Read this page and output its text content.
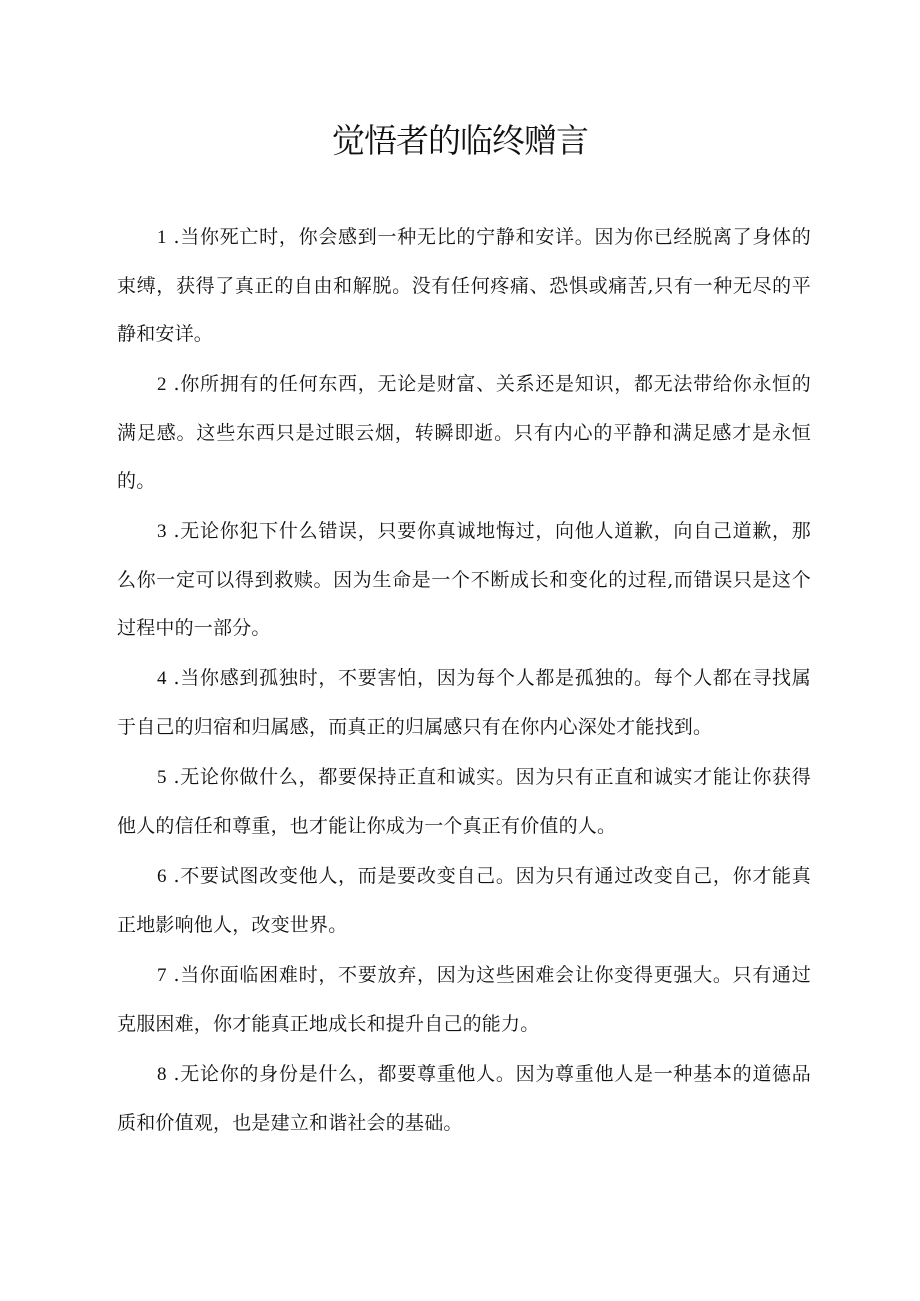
觉悟者的临终赠言

1 .当你死亡时，你会感到一种无比的宁静和安详。因为你已经脱离了身体的束缚，获得了真正的自由和解脱。没有任何疼痛、恐惧或痛苦,只有一种无尽的平静和安详。

2 .你所拥有的任何东西，无论是财富、关系还是知识，都无法带给你永恒的满足感。这些东西只是过眼云烟，转瞬即逝。只有内心的平静和满足感才是永恒的。

3 .无论你犯下什么错误，只要你真诚地悔过，向他人道歉，向自己道歉，那么你一定可以得到救赎。因为生命是一个不断成长和变化的过程,而错误只是这个过程中的一部分。

4 .当你感到孤独时，不要害怕，因为每个人都是孤独的。每个人都在寻找属于自己的归宿和归属感，而真正的归属感只有在你内心深处才能找到。

5 .无论你做什么，都要保持正直和诚实。因为只有正直和诚实才能让你获得他人的信任和尊重，也才能让你成为一个真正有价值的人。

6 .不要试图改变他人，而是要改变自己。因为只有通过改变自己，你才能真正地影响他人，改变世界。

7 .当你面临困难时，不要放弃，因为这些困难会让你变得更强大。只有通过克服困难，你才能真正地成长和提升自己的能力。

8 .无论你的身份是什么，都要尊重他人。因为尊重他人是一种基本的道德品质和价值观，也是建立和谐社会的基础。
